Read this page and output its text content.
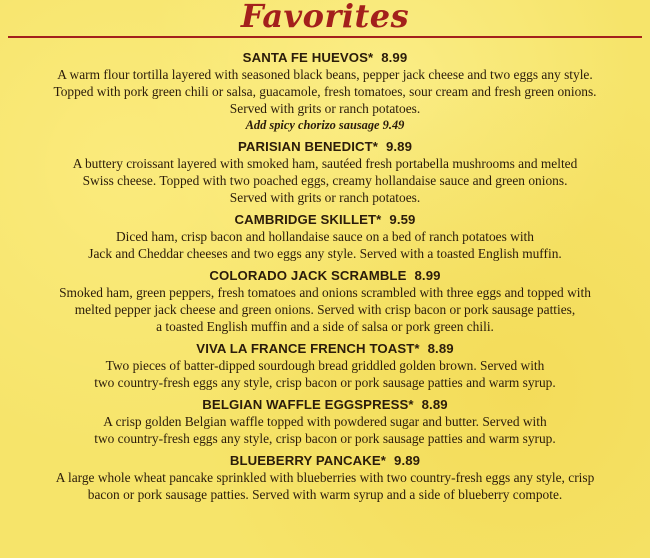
Favorites
SANTA FE HUEVOS* 8.99
A warm flour tortilla layered with seasoned black beans, pepper jack cheese and two eggs any style.
Topped with pork green chili or salsa, guacamole, fresh tomatoes, sour cream and fresh green onions.
Served with grits or ranch potatoes.
Add spicy chorizo sausage 9.49
PARISIAN BENEDICT* 9.89
A buttery croissant layered with smoked ham, sautéed fresh portabella mushrooms and melted
Swiss cheese. Topped with two poached eggs, creamy hollandaise sauce and green onions.
Served with grits or ranch potatoes.
CAMBRIDGE SKILLET* 9.59
Diced ham, crisp bacon and hollandaise sauce on a bed of ranch potatoes with
Jack and Cheddar cheeses and two eggs any style. Served with a toasted English muffin.
COLORADO JACK SCRAMBLE 8.99
Smoked ham, green peppers, fresh tomatoes and onions scrambled with three eggs and topped with
melted pepper jack cheese and green onions. Served with crisp bacon or pork sausage patties,
a toasted English muffin and a side of salsa or pork green chili.
VIVA LA FRANCE FRENCH TOAST* 8.89
Two pieces of batter-dipped sourdough bread griddled golden brown. Served with
two country-fresh eggs any style, crisp bacon or pork sausage patties and warm syrup.
BELGIAN WAFFLE EGGSPRESS* 8.89
A crisp golden Belgian waffle topped with powdered sugar and butter. Served with
two country-fresh eggs any style, crisp bacon or pork sausage patties and warm syrup.
BLUEBERRY PANCAKE* 9.89
A large whole wheat pancake sprinkled with blueberries with two country-fresh eggs any style, crisp
bacon or pork sausage patties. Served with warm syrup and a side of blueberry compote.
